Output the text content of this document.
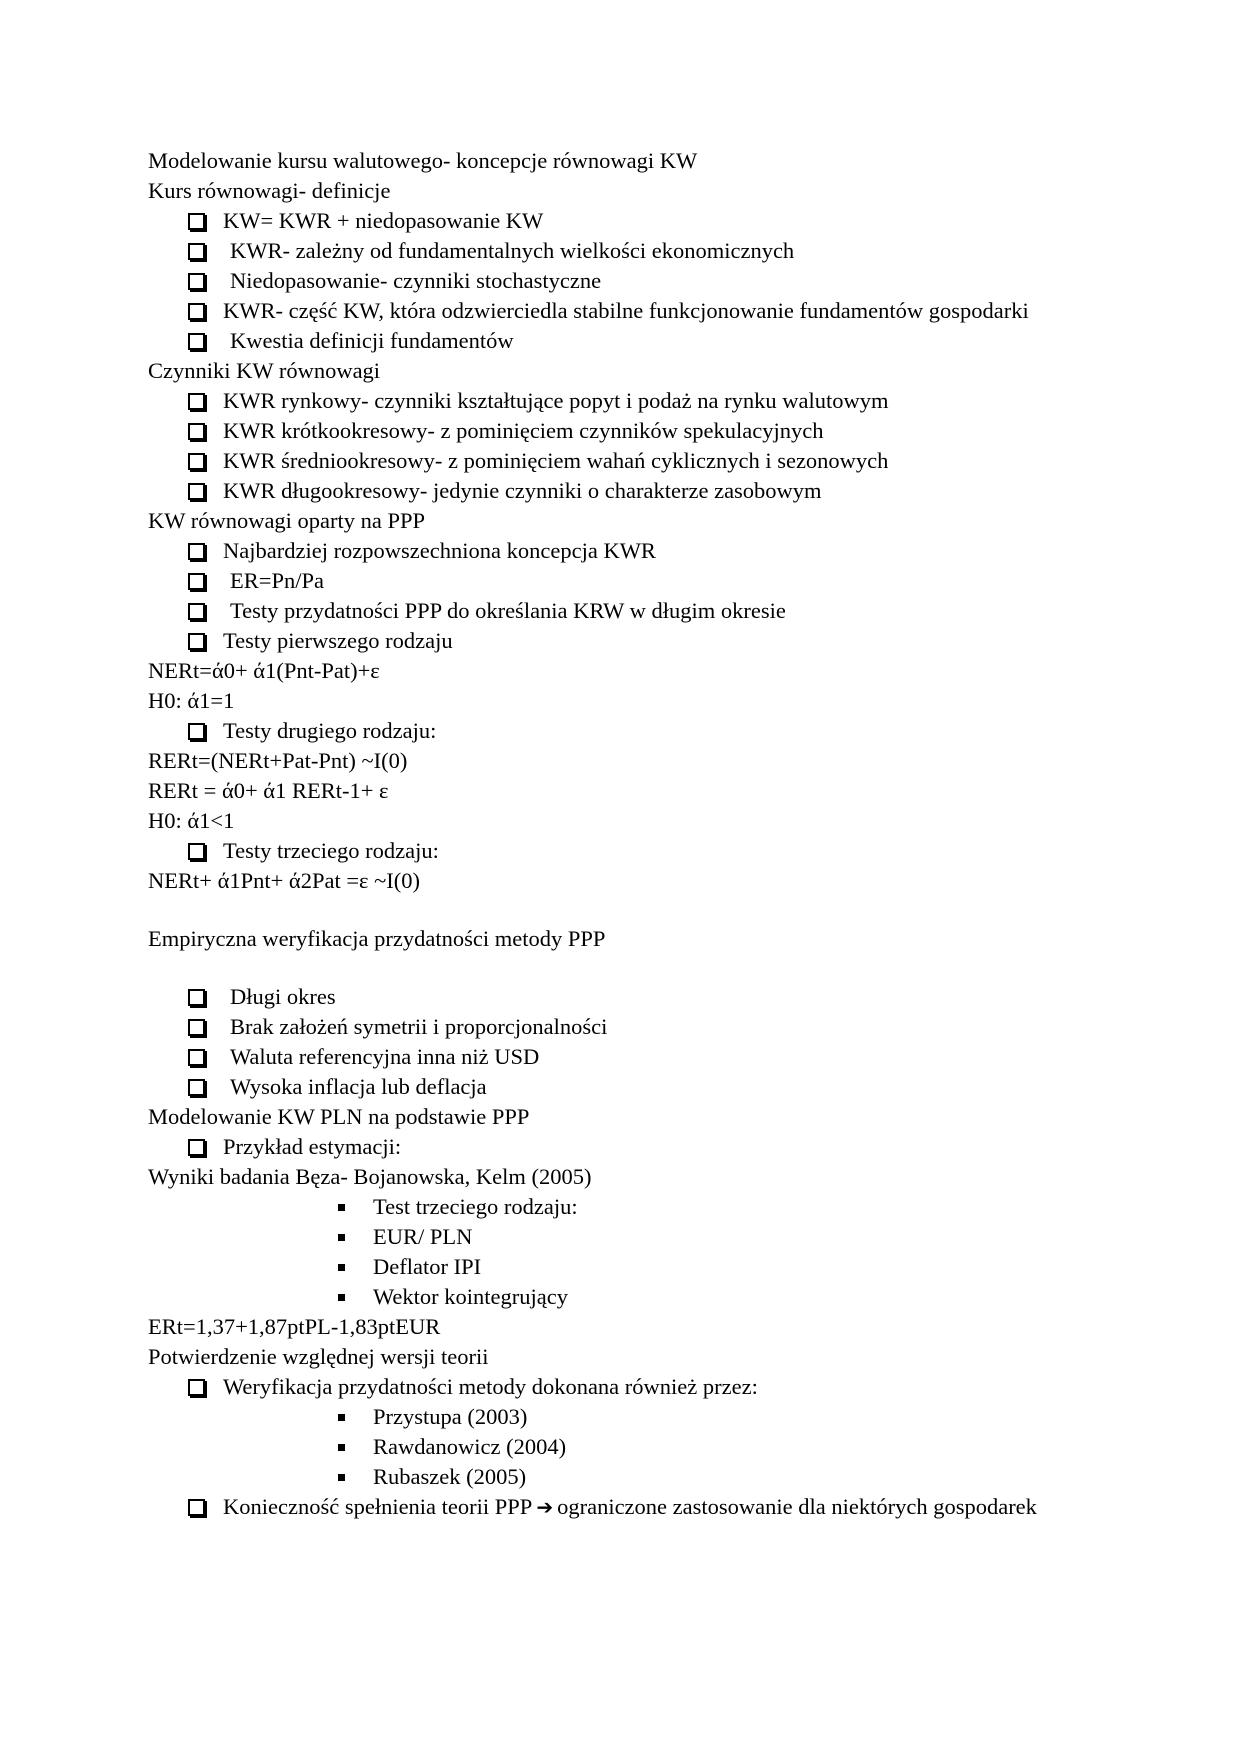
Modelowanie kursu walutowego- koncepcje równowagi KW
Kurs równowagi- definicje
KW= KWR + niedopasowanie KW
KWR- zależny od fundamentalnych wielkości ekonomicznych
Niedopasowanie- czynniki stochastyczne
KWR- część KW, która odzwierciedla stabilne funkcjonowanie fundamentów gospodarki
Kwestia definicji fundamentów
Czynniki KW równowagi
KWR rynkowy- czynniki kształtujące popyt i podaż na rynku walutowym
KWR krótkookresowy- z pominięciem czynników spekulacyjnych
KWR średniookresowy- z pominięciem wahań cyklicznych i sezonowych
KWR długookresowy- jedynie czynniki o charakterze zasobowym
KW równowagi oparty na PPP
Najbardziej rozpowszechniona koncepcja KWR
ER=Pn/Pa
Testy przydatności PPP do określania KRW w długim okresie
Testy pierwszego rodzaju
NERt=ά0+ ά1(Pnt-Pat)+ε
H0: ά1=1
Testy drugiego rodzaju:
RERt=(NERt+Pat-Pnt) ~I(0)
RERt = ά0+ ά1 RERt-1+ ε
H0: ά1<1
Testy trzeciego rodzaju:
NERt+ ά1Pnt+ ά2Pat =ε ~I(0)
Empiryczna weryfikacja przydatności metody PPP
Długi okres
Brak założeń symetrii i proporcjonalności
Waluta referencyjna inna niż USD
Wysoka inflacja lub deflacja
Modelowanie KW PLN na podstawie PPP
Przykład estymacji:
Wyniki badania Bęza- Bojanowska, Kelm (2005)
Test trzeciego rodzaju:
EUR/ PLN
Deflator IPI
Wektor kointegrujący
ERt=1,37+1,87ptPL-1,83ptEUR
Potwierdzenie względnej wersji teorii
Weryfikacja przydatności metody dokonana również przez:
Przystupa (2003)
Rawdanowicz (2004)
Rubaszek (2005)
Konieczność spełnienia teorii PPP ➔ ograniczone zastosowanie dla niektórych gospodarek
